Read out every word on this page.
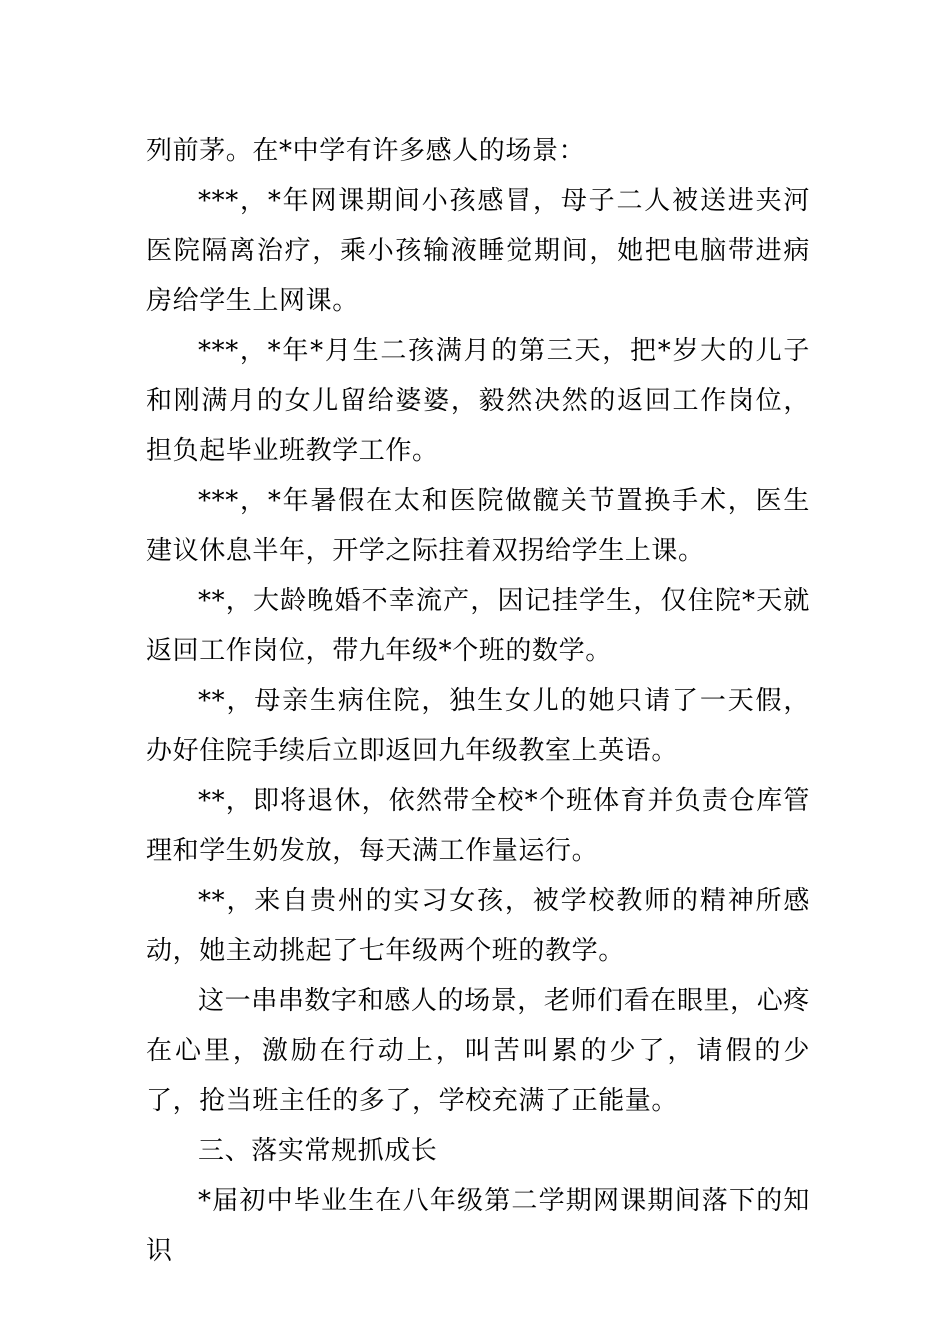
列前茅。在*中学有许多感人的场景：

***，*年网课期间小孩感冒，母子二人被送进夹河医院隔离治疗，乘小孩输液睡觉期间，她把电脑带进病房给学生上网课。

***，*年*月生二孩满月的第三天，把*岁大的儿子和刚满月的女儿留给婆婆，毅然决然的返回工作岗位，担负起毕业班教学工作。

***，*年暑假在太和医院做髋关节置换手术，医生建议休息半年，开学之际拄着双拐给学生上课。

**，大龄晚婚不幸流产，因记挂学生，仅住院*天就返回工作岗位，带九年级*个班的数学。

**，母亲生病住院，独生女儿的她只请了一天假，办好住院手续后立即返回九年级教室上英语。

**，即将退休，依然带全校*个班体育并负责仓库管理和学生奶发放，每天满工作量运行。

**，来自贵州的实习女孩，被学校教师的精神所感动，她主动挑起了七年级两个班的教学。

这一串串数字和感人的场景，老师们看在眼里，心疼在心里，激励在行动上，叫苦叫累的少了，请假的少了，抢当班主任的多了，学校充满了正能量。

三、落实常规抓成长

*届初中毕业生在八年级第二学期网课期间落下的知识
